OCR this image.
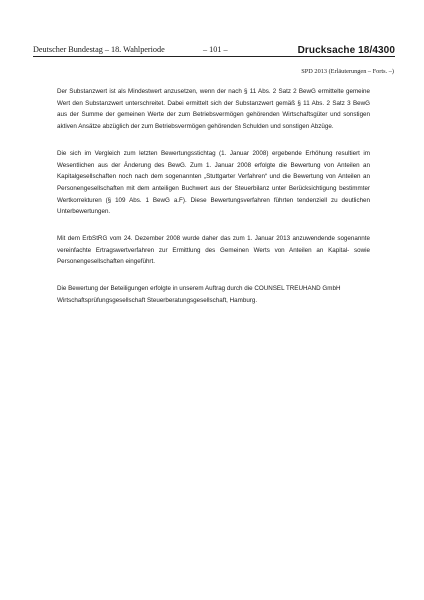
Deutscher Bundestag – 18. Wahlperiode	– 101 –	Drucksache 18/4300
SPD 2013 (Erläuterungen – Forts. –)

Der Substanzwert ist als Mindestwert anzusetzen, wenn der nach § 11 Abs. 2 Satz 2 BewG ermittelte gemeine Wert den Substanzwert unterschreitet. Dabei ermittelt sich der Substanzwert gemäß § 11 Abs. 2 Satz 3 BewG aus der Summe der gemeinen Werte der zum Betriebsvermögen gehörenden Wirtschaftsgüter und sonstigen aktiven Ansätze abzüglich der zum Betriebsvermögen gehörenden Schulden und sonstigen Abzüge.

Die sich im Vergleich zum letzten Bewertungsstichtag (1. Januar 2008) ergebende Erhöhung resultiert im Wesentlichen aus der Änderung des BewG. Zum 1. Januar 2008 erfolgte die Bewertung von Anteilen an Kapitalgesellschaften noch nach dem sogenannten „Stuttgarter Verfahren“ und die Bewertung von Anteilen an Personengesellschaften mit dem anteiligen Buchwert aus der Steuerbilanz unter Berücksichtigung bestimmter Wertkorrekturen (§ 109 Abs. 1 BewG a.F). Diese Bewertungsverfahren führten tendenziell zu deutlichen Unterbewertungen.

Mit dem ErbStRG vom 24. Dezember 2008 wurde daher das zum 1. Januar 2013 anzuwendende sogenannte vereinfachte Ertragswertverfahren zur Ermittlung des Gemeinen Werts von Anteilen an Kapital- sowie Personengesellschaften eingeführt.

Die Bewertung der Beteiligungen erfolgte in unserem Auftrag durch die COUNSEL TREUHAND GmbH Wirtschaftsprüfungsgesellschaft Steuerberatungsgesellschaft, Hamburg.
